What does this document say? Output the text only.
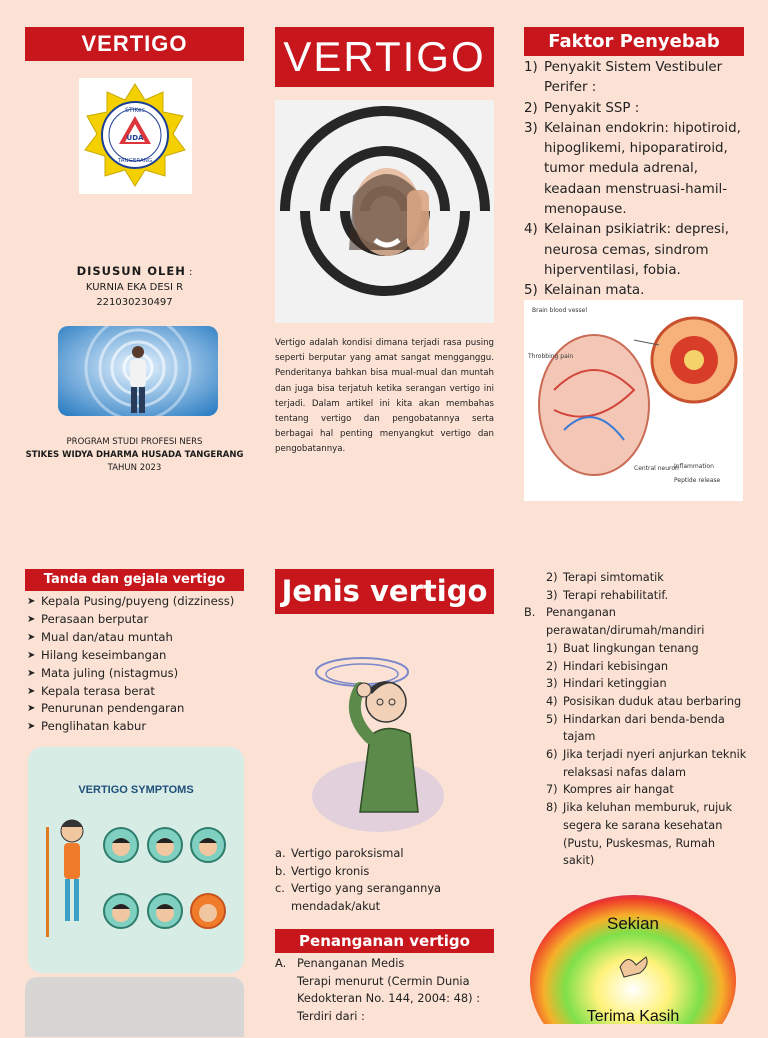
VERTIGO
STIKes
UDA
TANGERANG
DISUSUN OLEH :
KURNIA EKA DESI R
221030230497
PROGRAM STUDI PROFESI NERS
STIKES WIDYA DHARMA HUSADA TANGERANG
TAHUN 2023
VERTIGO
Vertigo adalah kondisi dimana terjadi rasa pusing seperti berputar yang amat sangat mengganggu. Penderitanya bahkan bisa mual-mual dan muntah dan juga bisa terjatuh ketika serangan vertigo ini terjadi. Dalam artikel ini kita akan membahas tentang vertigo dan pengobatannya serta berbagai hal penting menyangkut vertigo dan pengobatannya.
Faktor Penyebab
1) Penyakit Sistem Vestibuler Perifer :
2) Penyakit SSP :
3) Kelainan endokrin: hipotiroid, hipoglikemi, hipoparatiroid, tumor medula adrenal, keadaan menstruasi-hamil-menopause.
4) Kelainan psikiatrik: depresi, neurosa cemas, sindrom hiperventilasi, fobia.
5) Kelainan mata.
Brain blood vessel
Throbbing pain
Central neuron
Inflammation
Peptide release
Tanda dan gejala vertigo
➤ Kepala Pusing/puyeng (dizziness)
➤ Perasaan berputar
➤ Mual dan/atau muntah
➤ Hilang keseimbangan
➤ Mata juling (nistagmus)
➤ Kepala terasa berat
➤ Penurunan pendengaran
➤ Penglihatan kabur
VERTIGO SYMPTOMS
Jenis vertigo
a. Vertigo paroksismal
b. Vertigo kronis
c. Vertigo yang serangannya mendadak/akut
Penanganan vertigo
A. Penanganan Medis
Terapi menurut (Cermin Dunia Kedokteran No. 144, 2004: 48) : Terdiri dari :
2) Terapi simtomatik
3) Terapi rehabilitatif.
B. Penanganan perawatan/dirumah/mandiri
1) Buat lingkungan tenang
2) Hindari kebisingan
3) Hindari ketinggian
4) Posisikan duduk atau berbaring
5) Hindarkan dari benda-benda tajam
6) Jika terjadi nyeri anjurkan teknik relaksasi nafas dalam
7) Kompres air hangat
8) Jika keluhan memburuk, rujuk segera ke sarana kesehatan (Pustu, Puskesmas, Rumah sakit)
Sekian
Terima Kasih
